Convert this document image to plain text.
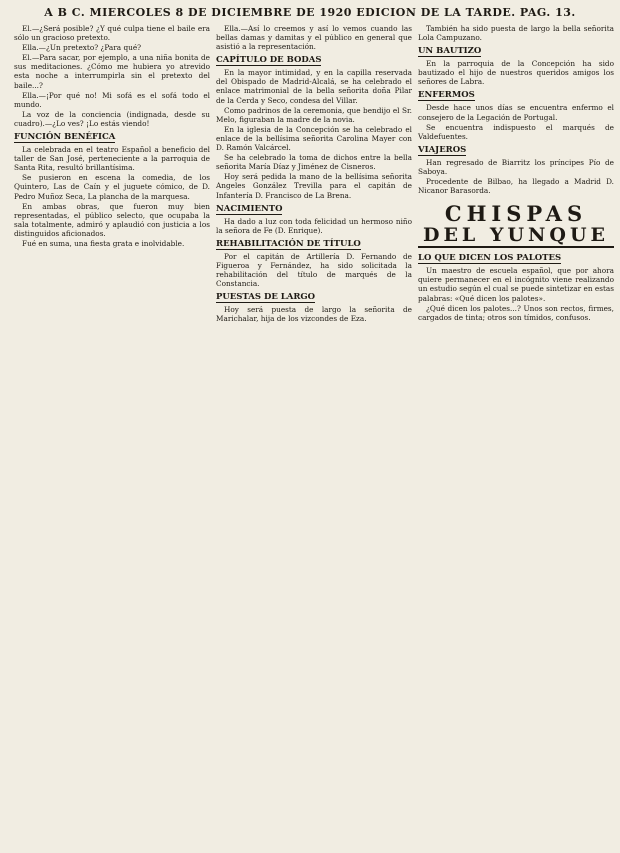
A B C. MIERCOLES 8 DE DICIEMBRE DE 1920 EDICION DE LA TARDE. PAG. 13.

El.—¿Será posible? ¿Y qué culpa tiene el baile era sólo un gracioso pretexto.

Ella.—¿Un pretexto? ¿Para qué?

El.—Para sacar, por ejemplo, a una niña bonita de sus meditaciones. ¿Cómo me hubiera yo atrevido esta noche a interrumpirla sin el pretexto del baile...?

Ella.—¡Por qué no! Mi sofá es el sofá todo el mundo.

La voz de la conciencia (indignada, desde su cuadro).—¿Lo ves? ¡Lo estás viendo!

FUNCIÓN BENÉFICA

La celebrada en el teatro Español a beneficio del taller de San José, perteneciente a la parroquia de Santa Rita, resultó brillantísima.

Se pusieron en escena la comedia, de los Quintero, Las de Caín y el juguete cómico, de D. Pedro Muñoz Seca, La plancha de la marquesa.

En ambas obras, que fueron muy bien representadas, el público selecto, que ocupaba la sala totalmente, admiró y aplaudió con justicia a los distinguidos aficionados.

Fué en suma, una fiesta grata e inolvidable.

Ella.—Así lo creemos y así lo vemos cuando las bellas damas y damitas y el público en general que asistió a la representación.

CAPÍTULO DE BODAS

En la mayor intimidad, y en la capilla reservada del Obispado de Madrid-Alcalá, se ha celebrado el enlace matrimonial de la bella señorita doña Pilar de la Cerda y Seco, condesa del Villar.

Como padrinos de la ceremonia, que bendijo el Sr. Melo, figuraban la madre de la novia.

En la iglesia de la Concepción se ha celebrado el enlace de la bellísima señorita Carolina Mayer con D. Ramón Valcárcel.

Se ha celebrado la toma de dichos entre la bella señorita María Díaz y Jiménez de Cisneros.

Hoy será pedida la mano de la bellísima señorita Angeles González Trevilla para el capitán de Infantería D. Francisco de La Brena.

NACIMIENTO

Ha dado a luz con toda felicidad un hermoso niño la señora de Fe (D. Enrique).

REHABILITACIÓN DE TÍTULO

Por el capitán de Artillería D. Fernando de Figueroa y Fernández, ha sido solicitada la rehabilitación del título de marqués de la Constancia.

PUESTAS DE LARGO

Hoy será puesta de largo la señorita de Marichalar, hija de los vizcondes de Eza.

También ha sido puesta de largo la bella señorita Lola Campuzano.

UN BAUTIZO

En la parroquia de la Concepción ha sido bautizado el hijo de nuestros queridos amigos los señores de Labra.

ENFERMOS

Desde hace unos días se encuentra enfermo el consejero de la Legación de Portugal.

Se encuentra indispuesto el marqués de Valdefuentes.

VIAJEROS

Han regresado de Biarritz los príncipes Pío de Saboya.

Procedente de Bilbao, ha llegado a Madrid D. Nicanor Barasorda.

CHISPAS
DEL YUNQUE
LO QUE DICEN LOS PALOTES

Un maestro de escuela español, que por ahora quiere permanecer en el incógnito viene realizando un estudio según el cual se puede sintetizar en estas palabras: «Qué dicen los palotes».

¿Qué dicen los palotes...? Unos son rectos, firmes, cargados de tinta; otros son tímidos, confusos.
